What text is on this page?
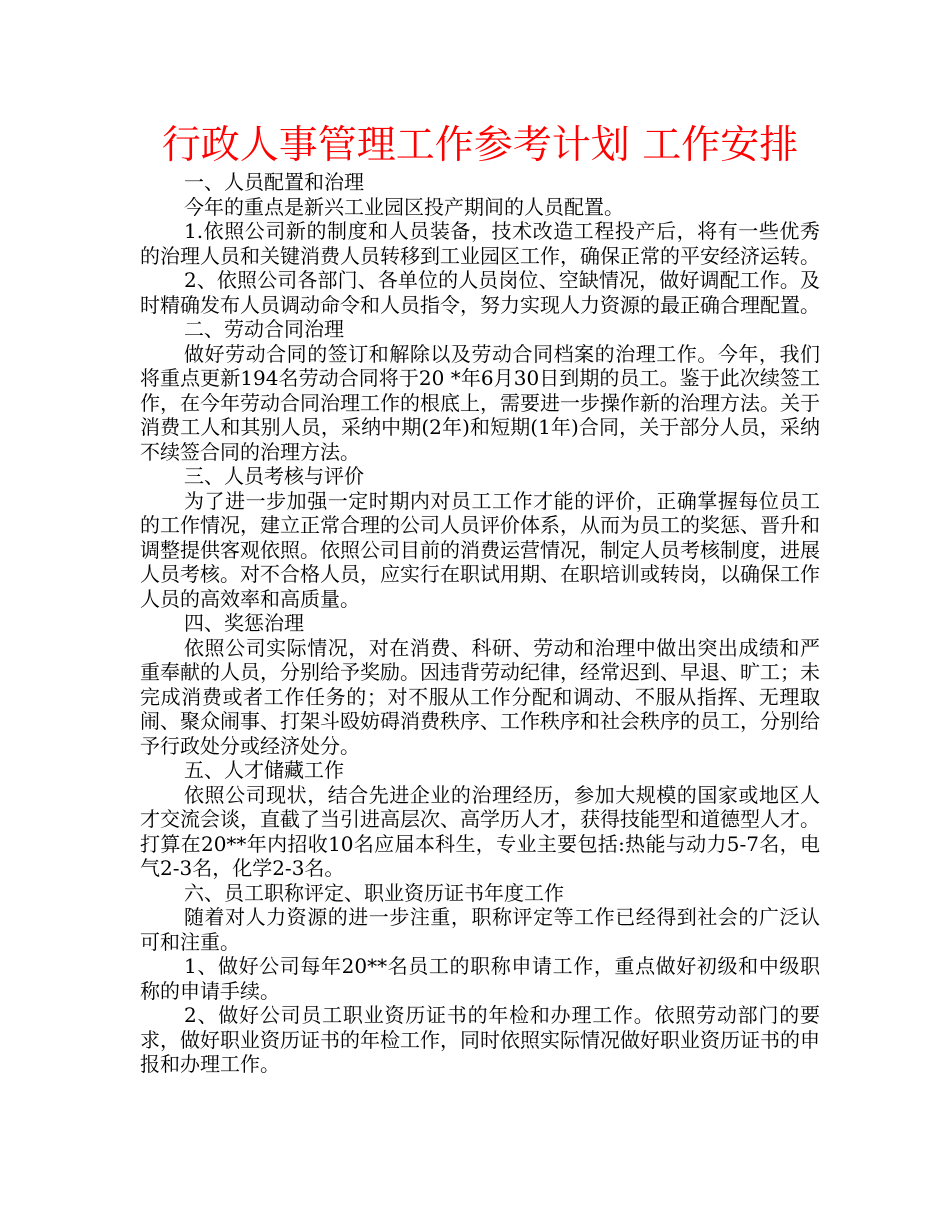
行政人事管理工作参考计划 工作安排

一、人员配置和治理

今年的重点是新兴工业园区投产期间的人员配置。

1.依照公司新的制度和人员装备，技术改造工程投产后，将有一些优秀的治理人员和关键消费人员转移到工业园区工作，确保正常的平安经济运转。

2、依照公司各部门、各单位的人员岗位、空缺情况，做好调配工作。及时精确发布人员调动命令和人员指令，努力实现人力资源的最正确合理配置。

二、劳动合同治理

做好劳动合同的签订和解除以及劳动合同档案的治理工作。今年，我们将重点更新194名劳动合同将于20 *年6月30日到期的员工。鉴于此次续签工作，在今年劳动合同治理工作的根底上，需要进一步操作新的治理方法。关于消费工人和其别人员，采纳中期(2年)和短期(1年)合同，关于部分人员，采纳不续签合同的治理方法。

三、人员考核与评价

为了进一步加强一定时期内对员工工作才能的评价，正确掌握每位员工的工作情况，建立正常合理的公司人员评价体系，从而为员工的奖惩、晋升和调整提供客观依照。依照公司目前的消费运营情况，制定人员考核制度，进展人员考核。对不合格人员，应实行在职试用期、在职培训或转岗，以确保工作人员的高效率和高质量。

四、奖惩治理

依照公司实际情况，对在消费、科研、劳动和治理中做出突出成绩和严重奉献的人员，分别给予奖励。因违背劳动纪律，经常迟到、早退、旷工；未完成消费或者工作任务的；对不服从工作分配和调动、不服从指挥、无理取闹、聚众闹事、打架斗殴妨碍消费秩序、工作秩序和社会秩序的员工，分别给予行政处分或经济处分。

五、人才储藏工作

依照公司现状，结合先进企业的治理经历，参加大规模的国家或地区人才交流会谈，直截了当引进高层次、高学历人才，获得技能型和道德型人才。打算在20**年内招收10名应届本科生，专业主要包括:热能与动力5-7名，电气2-3名，化学2-3名。

六、员工职称评定、职业资历证书年度工作

随着对人力资源的进一步注重，职称评定等工作已经得到社会的广泛认可和注重。

1、做好公司每年20**名员工的职称申请工作，重点做好初级和中级职称的申请手续。

2、做好公司员工职业资历证书的年检和办理工作。依照劳动部门的要求，做好职业资历证书的年检工作，同时依照实际情况做好职业资历证书的申报和办理工作。
